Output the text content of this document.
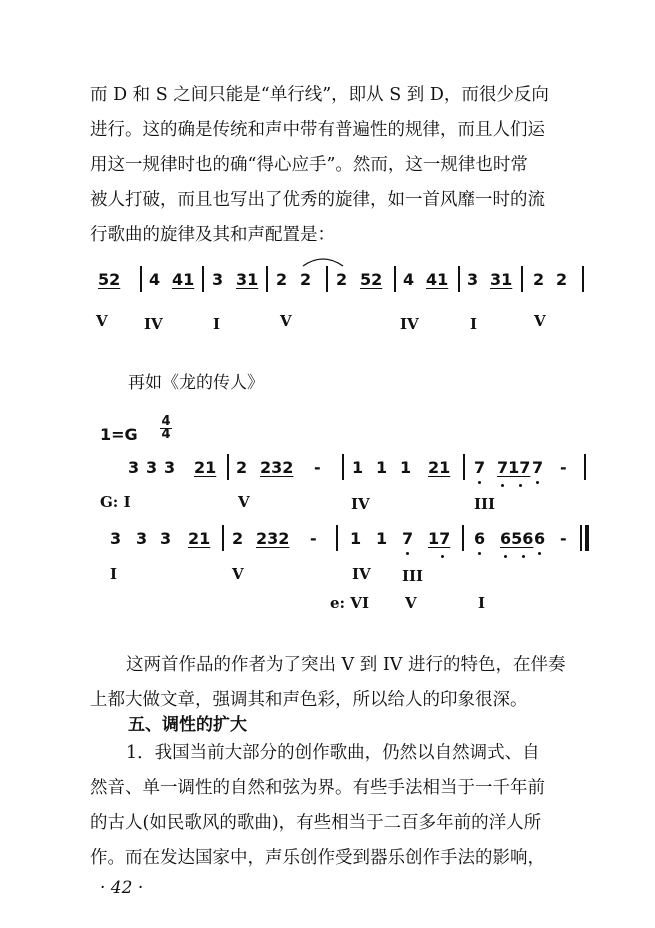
而 D 和 S 之间只能是“单行线”，即从 S 到 D，而很少反向

进行。这的确是传统和声中带有普遍性的规律，而且人们运

用这一规律时也的确“得心应手”。然而，这一规律也时常

被人打破，而且也写出了优秀的旋律，如一首风靡一时的流

行歌曲的旋律及其和声配置是：

52 4 41 3 31 2 2 2 52 4 41 3 31 2 2
V IV	I	V	IV	I	V
再如《龙的传人》
1=G
4
4
3 3 3 21 2 232 - 1 1 1 21 7 717 7 -
G: I	V	IV	III
3 3 3 21 2 232 - 1 1 7 17 6 656 6 -
I	V	IV III
e: VI V	I

这两首作品的作者为了突出 V 到 IV 进行的特色，在伴奏

上都大做文章，强调其和声色彩，所以给人的印象很深。

五、调性的扩大

1．我国当前大部分的创作歌曲，仍然以自然调式、自

然音、单一调性的自然和弦为界。有些手法相当于一千年前

的古人(如民歌风的歌曲)，有些相当于二百多年前的洋人所

作。而在发达国家中，声乐创作受到器乐创作手法的影响，

· 42 ·
